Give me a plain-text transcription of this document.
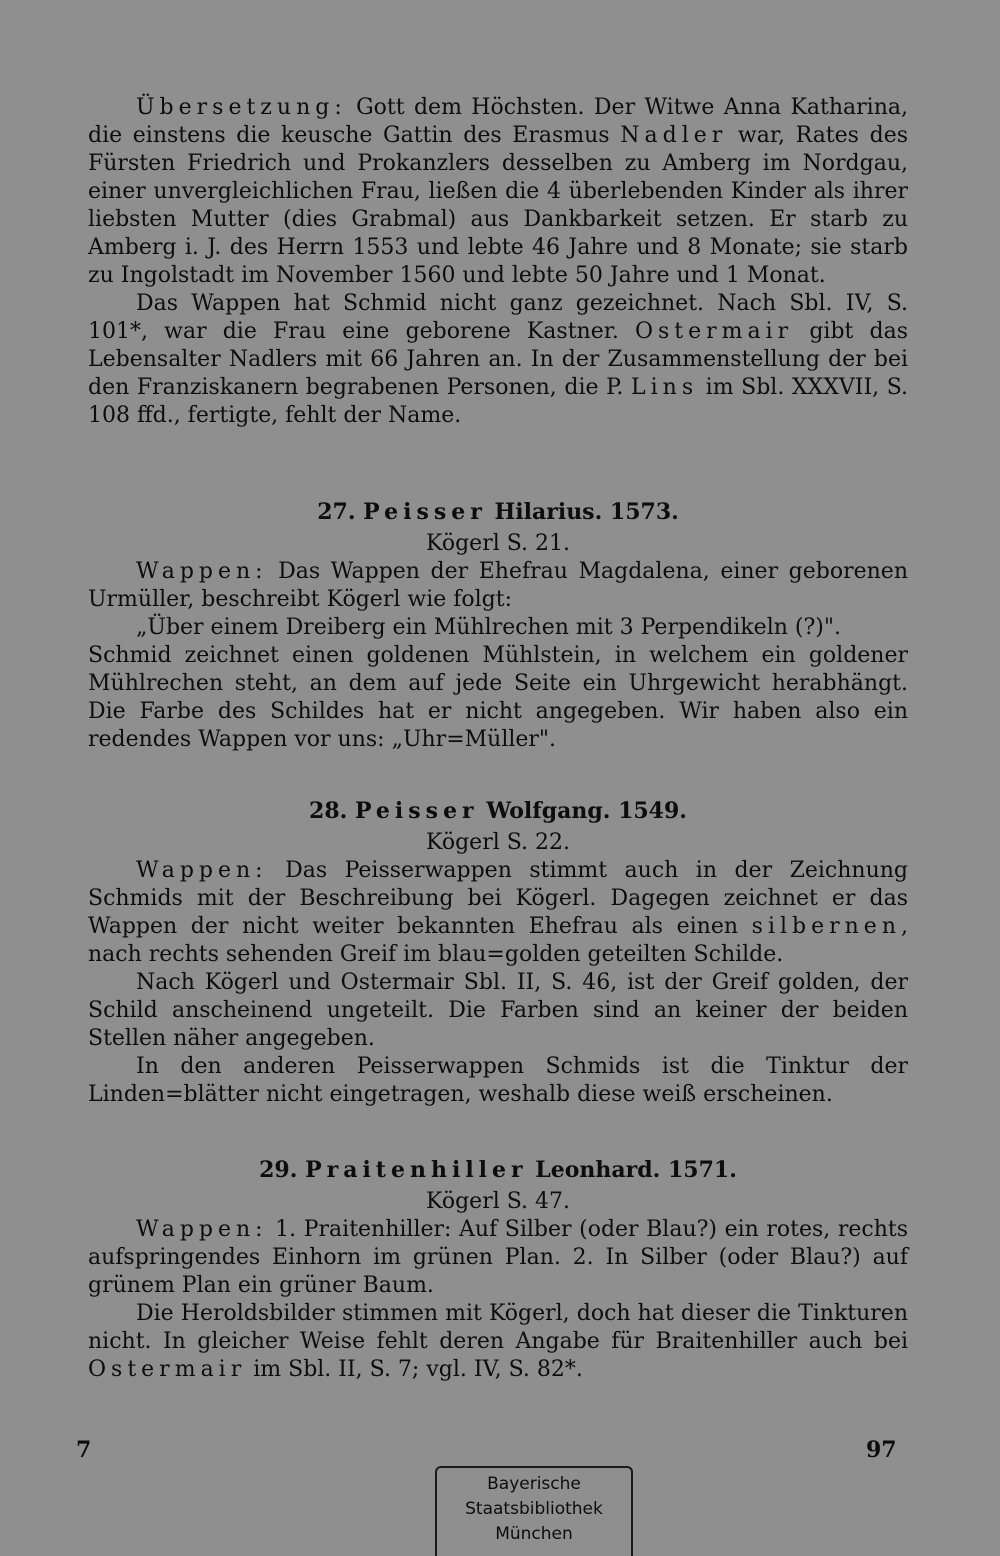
Übersetzung: Gott dem Höchsten. Der Witwe Anna Katharina, die einstens die keusche Gattin des Erasmus Nadler war, Rates des Fürsten Friedrich und Prokanzlers desselben zu Amberg im Nordgau, einer unvergleichlichen Frau, ließen die 4 überlebenden Kinder als ihrer liebsten Mutter (dies Grabmal) aus Dankbarkeit setzen. Er starb zu Amberg i. J. des Herrn 1553 und lebte 46 Jahre und 8 Monate; sie starb zu Ingolstadt im November 1560 und lebte 50 Jahre und 1 Monat.

Das Wappen hat Schmid nicht ganz gezeichnet. Nach Sbl. IV, S. 101*, war die Frau eine geborene Kastner. Ostermair gibt das Lebensalter Nadlers mit 66 Jahren an. In der Zusammenstellung der bei den Franziskanern begrabenen Personen, die P. Lins im Sbl. XXXVII, S. 108 ffd., fertigte, fehlt der Name.

27. Peisser Hilarius. 1573.

Kögerl S. 21.

Wappen: Das Wappen der Ehefrau Magdalena, einer geborenen Urmüller, beschreibt Kögerl wie folgt:

„Über einem Dreiberg ein Mühlrechen mit 3 Perpendikeln (?)".

Schmid zeichnet einen goldenen Mühlstein, in welchem ein goldener Mühlrechen steht, an dem auf jede Seite ein Uhrgewicht herabhängt. Die Farbe des Schildes hat er nicht angegeben. Wir haben also ein redendes Wappen vor uns: „Uhr=Müller".

28. Peisser Wolfgang. 1549.

Kögerl S. 22.

Wappen: Das Peisserwappen stimmt auch in der Zeichnung Schmids mit der Beschreibung bei Kögerl. Dagegen zeichnet er das Wappen der nicht weiter bekannten Ehefrau als einen silbernen, nach rechts sehenden Greif im blau=golden geteilten Schilde.

Nach Kögerl und Ostermair Sbl. II, S. 46, ist der Greif golden, der Schild anscheinend ungeteilt. Die Farben sind an keiner der beiden Stellen näher angegeben.

In den anderen Peisserwappen Schmids ist die Tinktur der Linden=blätter nicht eingetragen, weshalb diese weiß erscheinen.

29. Praitenhiller Leonhard. 1571.

Kögerl S. 47.

Wappen: 1. Praitenhiller: Auf Silber (oder Blau?) ein rotes, rechts aufspringendes Einhorn im grünen Plan. 2. In Silber (oder Blau?) auf grünem Plan ein grüner Baum.

Die Heroldsbilder stimmen mit Kögerl, doch hat dieser die Tinkturen nicht. In gleicher Weise fehlt deren Angabe für Braitenhiller auch bei Ostermair im Sbl. II, S. 7; vgl. IV, S. 82*.

7	97
Bayerische
Staatsbibliothek
München
